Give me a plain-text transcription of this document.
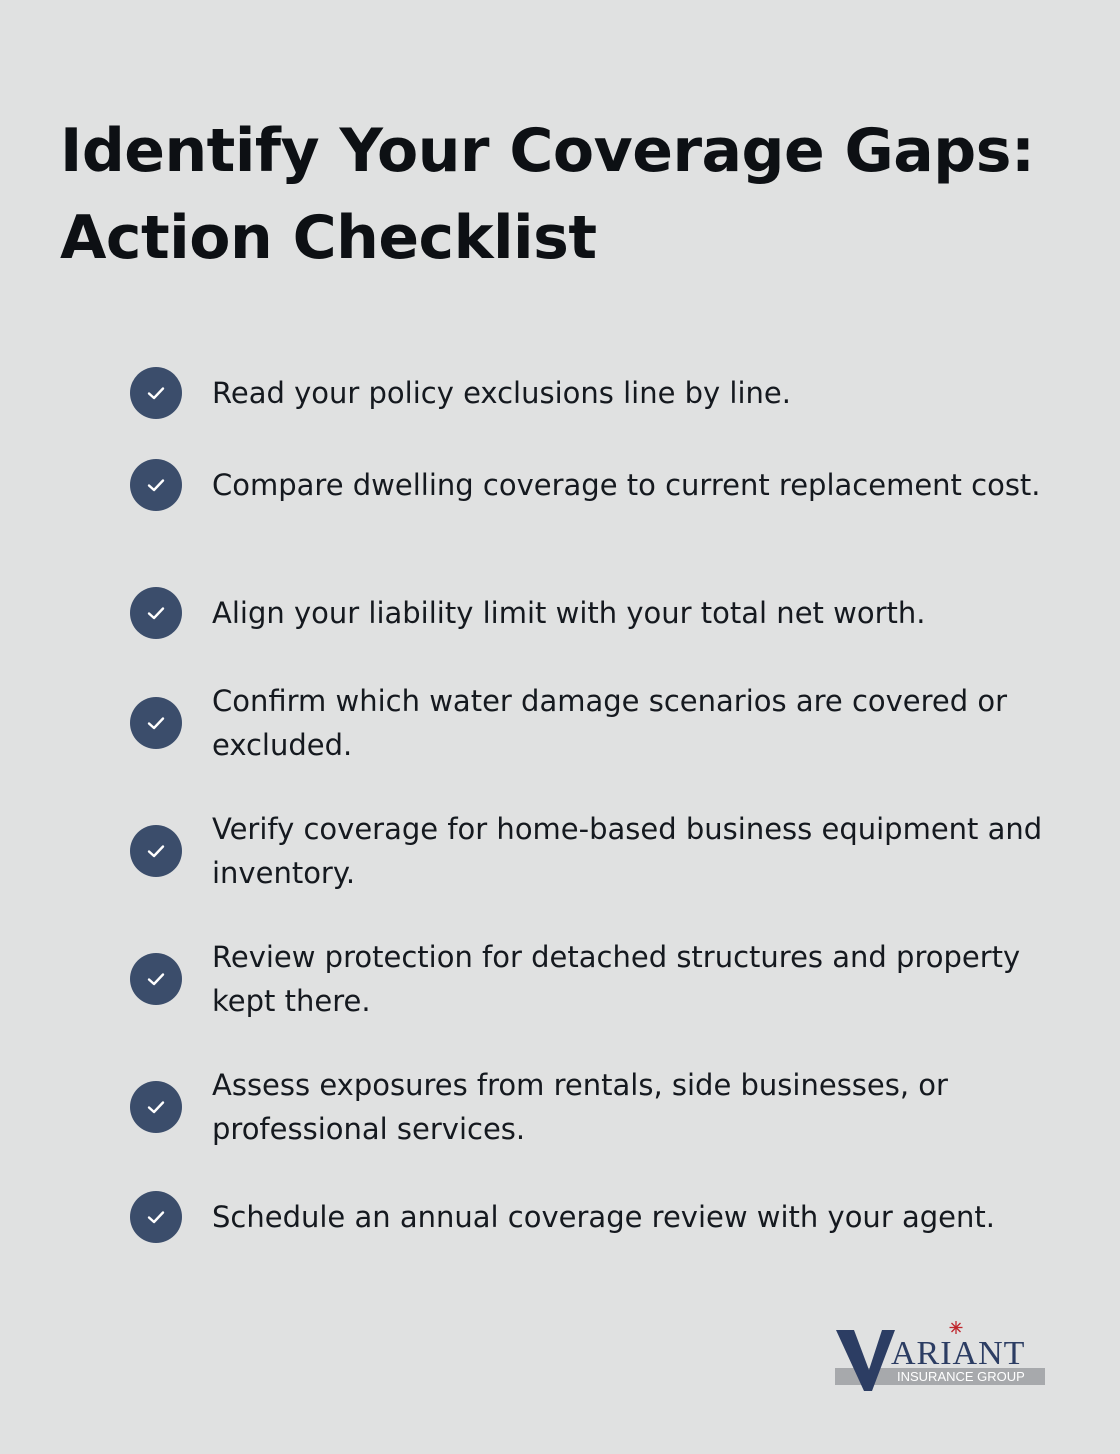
Identify Your Coverage Gaps:
Action Checklist
Read your policy exclusions line by line.
Compare dwelling coverage to current replacement cost.
Align your liability limit with your total net worth.
Confirm which water damage scenarios are covered or excluded.
Verify coverage for home-based business equipment and inventory.
Review protection for detached structures and property kept there.
Assess exposures from rentals, side businesses, or professional services.
Schedule an annual coverage review with your agent.
ARIANT
INSURANCE GROUP
